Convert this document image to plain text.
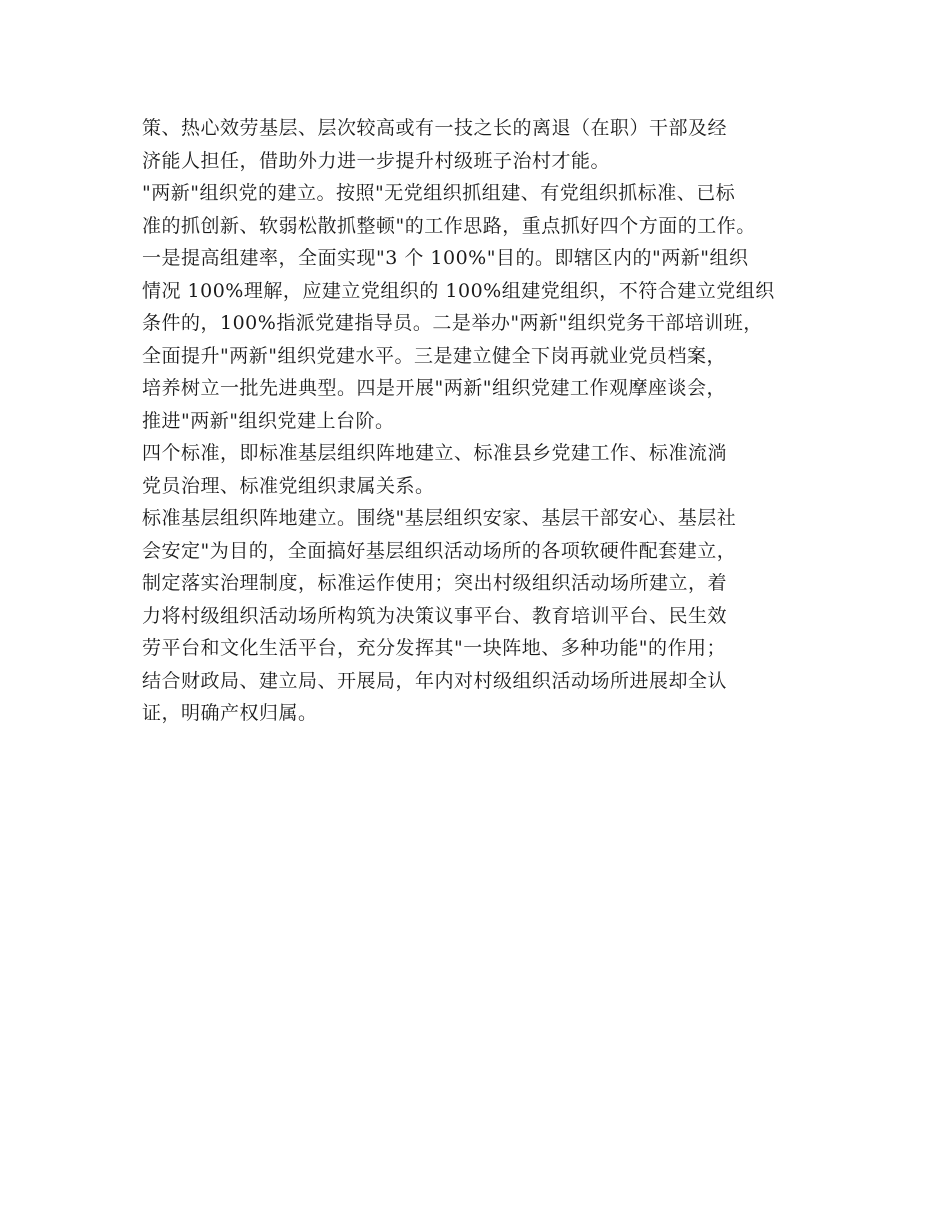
策、热心效劳基层、层次较高或有一技之长的离退（在职）干部及经
济能人担任，借助外力进一步提升村级班子治村才能。
"两新"组织党的建立。按照"无党组织抓组建、有党组织抓标准、已标
准的抓创新、软弱松散抓整顿"的工作思路，重点抓好四个方面的工作。
一是提高组建率，全面实现"3 个 100%"目的。即辖区内的"两新"组织
情况 100%理解，应建立党组织的 100%组建党组织，不符合建立党组织
条件的，100%指派党建指导员。二是举办"两新"组织党务干部培训班，
全面提升"两新"组织党建水平。三是建立健全下岗再就业党员档案，
培养树立一批先进典型。四是开展"两新"组织党建工作观摩座谈会，
推进"两新"组织党建上台阶。
四个标准，即标准基层组织阵地建立、标准县乡党建工作、标准流淌
党员治理、标准党组织隶属关系。
标准基层组织阵地建立。围绕"基层组织安家、基层干部安心、基层社
会安定"为目的，全面搞好基层组织活动场所的各项软硬件配套建立，
制定落实治理制度，标准运作使用；突出村级组织活动场所建立，着
力将村级组织活动场所构筑为决策议事平台、教育培训平台、民生效
劳平台和文化生活平台，充分发挥其"一块阵地、多种功能"的作用；
结合财政局、建立局、开展局，年内对村级组织活动场所进展却全认
证，明确产权归属。
